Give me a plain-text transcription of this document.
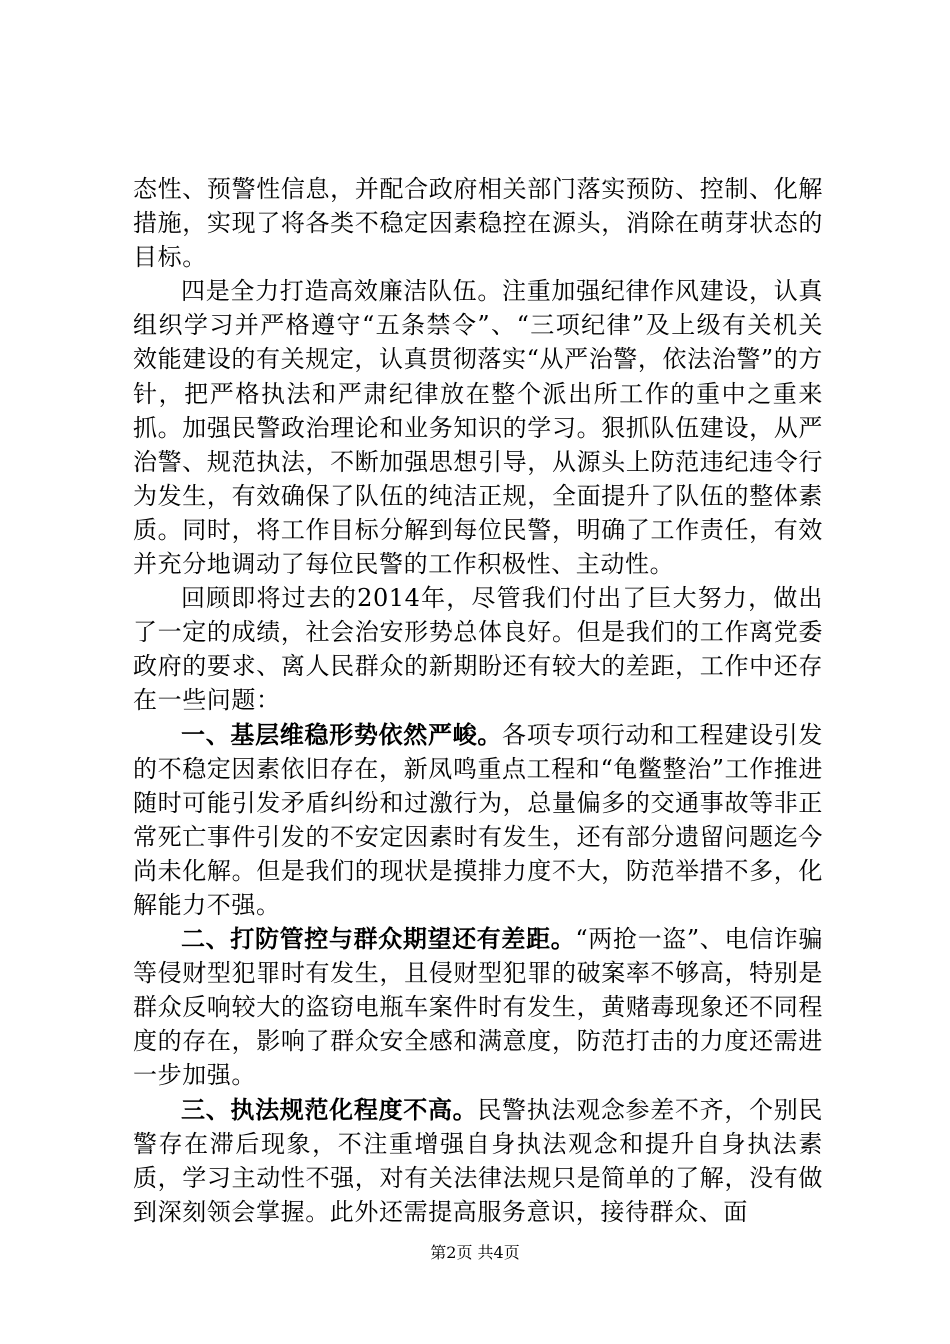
态性、预警性信息，并配合政府相关部门落实预防、控制、化解措施，实现了将各类不稳定因素稳控在源头，消除在萌芽状态的目标。

四是全力打造高效廉洁队伍。注重加强纪律作风建设，认真组织学习并严格遵守“五条禁令”、“三项纪律”及上级有关机关效能建设的有关规定，认真贯彻落实“从严治警，依法治警”的方针，把严格执法和严肃纪律放在整个派出所工作的重中之重来抓。加强民警政治理论和业务知识的学习。狠抓队伍建设，从严治警、规范执法，不断加强思想引导，从源头上防范违纪违令行为发生，有效确保了队伍的纯洁正规，全面提升了队伍的整体素质。同时，将工作目标分解到每位民警，明确了工作责任，有效并充分地调动了每位民警的工作积极性、主动性。

回顾即将过去的2014年，尽管我们付出了巨大努力，做出了一定的成绩，社会治安形势总体良好。但是我们的工作离党委政府的要求、离人民群众的新期盼还有较大的差距，工作中还存在一些问题：

一、基层维稳形势依然严峻。各项专项行动和工程建设引发的不稳定因素依旧存在，新凤鸣重点工程和“龟鳖整治”工作推进随时可能引发矛盾纠纷和过激行为，总量偏多的交通事故等非正常死亡事件引发的不安定因素时有发生，还有部分遗留问题迄今尚未化解。但是我们的现状是摸排力度不大，防范举措不多，化解能力不强。

二、打防管控与群众期望还有差距。“两抢一盗”、电信诈骗等侵财型犯罪时有发生，且侵财型犯罪的破案率不够高，特别是群众反响较大的盗窃电瓶车案件时有发生，黄赌毒现象还不同程度的存在，影响了群众安全感和满意度，防范打击的力度还需进一步加强。

三、执法规范化程度不高。民警执法观念参差不齐，个别民警存在滞后现象，不注重增强自身执法观念和提升自身执法素质，学习主动性不强，对有关法律法规只是简单的了解，没有做到深刻领会掌握。此外还需提高服务意识，接待群众、面

第2页 共4页
